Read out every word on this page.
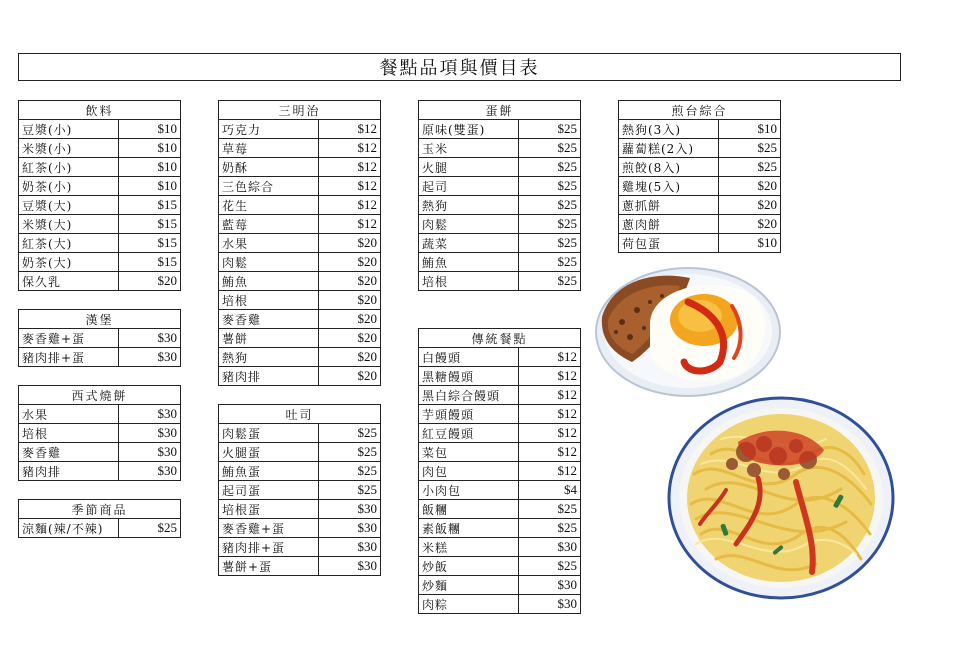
餐點品項與價目表
飲料	
豆漿(小)	$10
米漿(小)	$10
紅茶(小)	$10
奶茶(小)	$10
豆漿(大)	$15
米漿(大)	$15
紅茶(大)	$15
奶茶(大)	$15
保久乳	$20
漢堡	
麥香雞+蛋	$30
豬肉排+蛋	$30
西式燒餅	
水果	$30
培根	$30
麥香雞	$30
豬肉排	$30
季節商品
涼麵(辣/不辣)	$25
三明治	
巧克力	$12
草莓	$12
奶酥	$12
三色綜合	$12
花生	$12
藍莓	$12
水果	$20
肉鬆	$20
鮪魚	$20
培根	$20
麥香雞	$20
薯餅	$20
熱狗	$20
豬肉排	$20
吐司	
肉鬆蛋	$25
火腿蛋	$25
鮪魚蛋	$25
起司蛋	$25
培根蛋	$30
麥香雞+蛋	$30
豬肉排+蛋	$30
薯餅+蛋	$30
蛋餅	
原味(雙蛋)	$25
玉米	$25
火腿	$25
起司	$25
熱狗	$25
肉鬆	$25
蔬菜	$25
鮪魚	$25
培根	$25
傳統餐點	
白饅頭	$12
黑糖饅頭	$12
黑白綜合饅頭	$12
芋頭饅頭	$12
紅豆饅頭	$12
菜包	$12
肉包	$12
小肉包	$4
飯糰	$25
素飯糰	$25
米糕	$30
炒飯	$25
炒麵	$30
肉粽	$30
煎台綜合	
熱狗(3入)	$10
蘿蔔糕(2入)	$25
煎餃(8入)	$25
雞塊(5入)	$20
蔥抓餅	$20
蔥肉餅	$20
荷包蛋	$10
